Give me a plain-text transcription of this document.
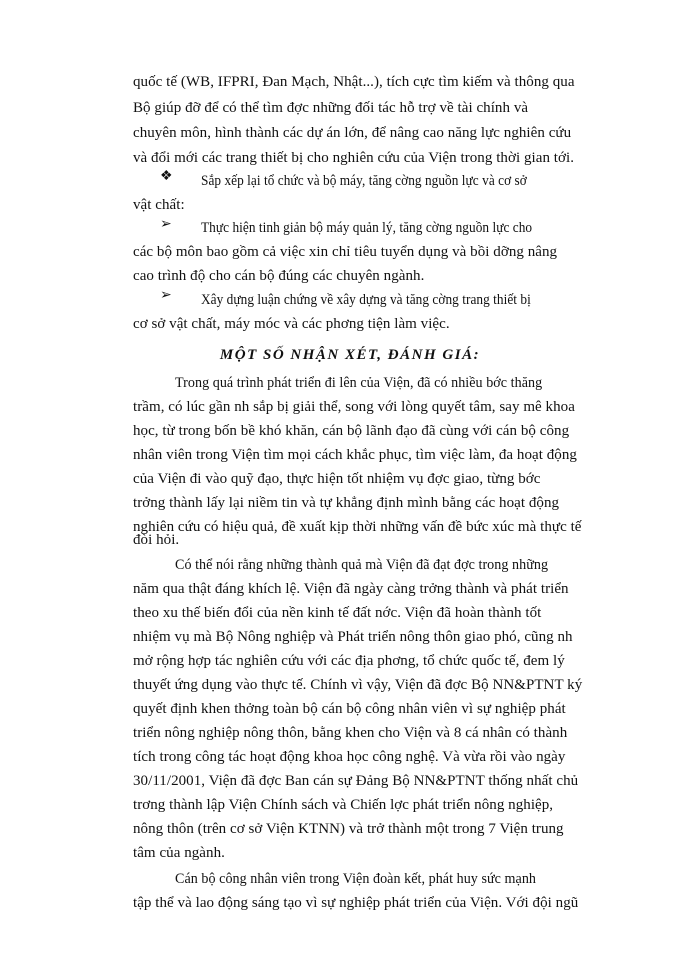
quốc tế (WB, IFPRI, Đan Mạch, Nhật...), tích cực tìm kiếm và thông qua
Bộ giúp đỡ để có thể tìm đợc những đối tác hỗ trợ về tài chính và
chuyên môn, hình thành các dự án lớn, để nâng cao năng lực nghiên cứu
và đổi mới các trang thiết bị cho nghiên cứu của Viện trong thời gian tới.
❖ Sắp xếp lại tổ chức và bộ máy, tăng cờng nguồn lực và cơ sở
vật chất:
➢ Thực hiện tinh giản bộ máy quản lý, tăng cờng nguồn lực cho
các bộ môn bao gồm cả việc xin chỉ tiêu tuyển dụng và bồi dỡng nâng
cao trình độ cho cán bộ đúng các chuyên ngành.
➢ Xây dựng luận chứng về xây dựng và tăng cờng trang thiết bị
cơ sở vật chất, máy móc và các phơng tiện làm việc.
MỘT SỐ NHẬN XÉT, ĐÁNH GIÁ:
Trong quá trình phát triển đi lên của Viện, đã có nhiều bớc thăng
trầm, có lúc gần nh sắp bị giải thể, song với lòng quyết tâm, say mê khoa
học, từ trong bốn bề khó khăn, cán bộ lãnh đạo đã cùng với cán bộ công
nhân viên trong Viện tìm mọi cách khắc phục, tìm việc làm, đa hoạt động
của Viện đi vào quỹ đạo, thực hiện tốt nhiệm vụ đợc giao, từng bớc
trởng thành lấy lại niềm tin và tự khẳng định mình bằng các hoạt động
nghiên cứu có hiệu quả, đề xuất kịp thời những vấn đề bức xúc mà thực tế
đòi hỏi.
Có thể nói rằng những thành quả mà Viện đã đạt đợc trong những
năm qua thật đáng khích lệ. Viện đã ngày càng trởng thành và phát triển
theo xu thế biến đổi của nền kinh tế đất nớc. Viện đã hoàn thành tốt
nhiệm vụ mà Bộ Nông nghiệp và Phát triển nông thôn giao phó, cũng nh
mở rộng hợp tác nghiên cứu với các địa phơng, tổ chức quốc tế, đem lý
thuyết ứng dụng vào thực tế. Chính vì vậy, Viện đã đợc Bộ NN&PTNT ký
quyết định khen thởng toàn bộ cán bộ công nhân viên vì sự nghiệp phát
triển nông nghiệp nông thôn, bằng khen cho Viện và 8 cá nhân có thành
tích trong công tác hoạt động khoa học công nghệ. Và vừa rồi vào ngày
30/11/2001, Viện đã đợc Ban cán sự Đảng Bộ NN&PTNT thống nhất chủ
trơng thành lập Viện Chính sách và Chiến lợc phát triển nông nghiệp,
nông thôn (trên cơ sở Viện KTNN) và trở thành một trong 7 Viện trung
tâm của ngành.
Cán bộ công nhân viên trong Viện đoàn kết, phát huy sức mạnh
tập thể và lao động sáng tạo vì sự nghiệp phát triển của Viện. Với đội ngũ
